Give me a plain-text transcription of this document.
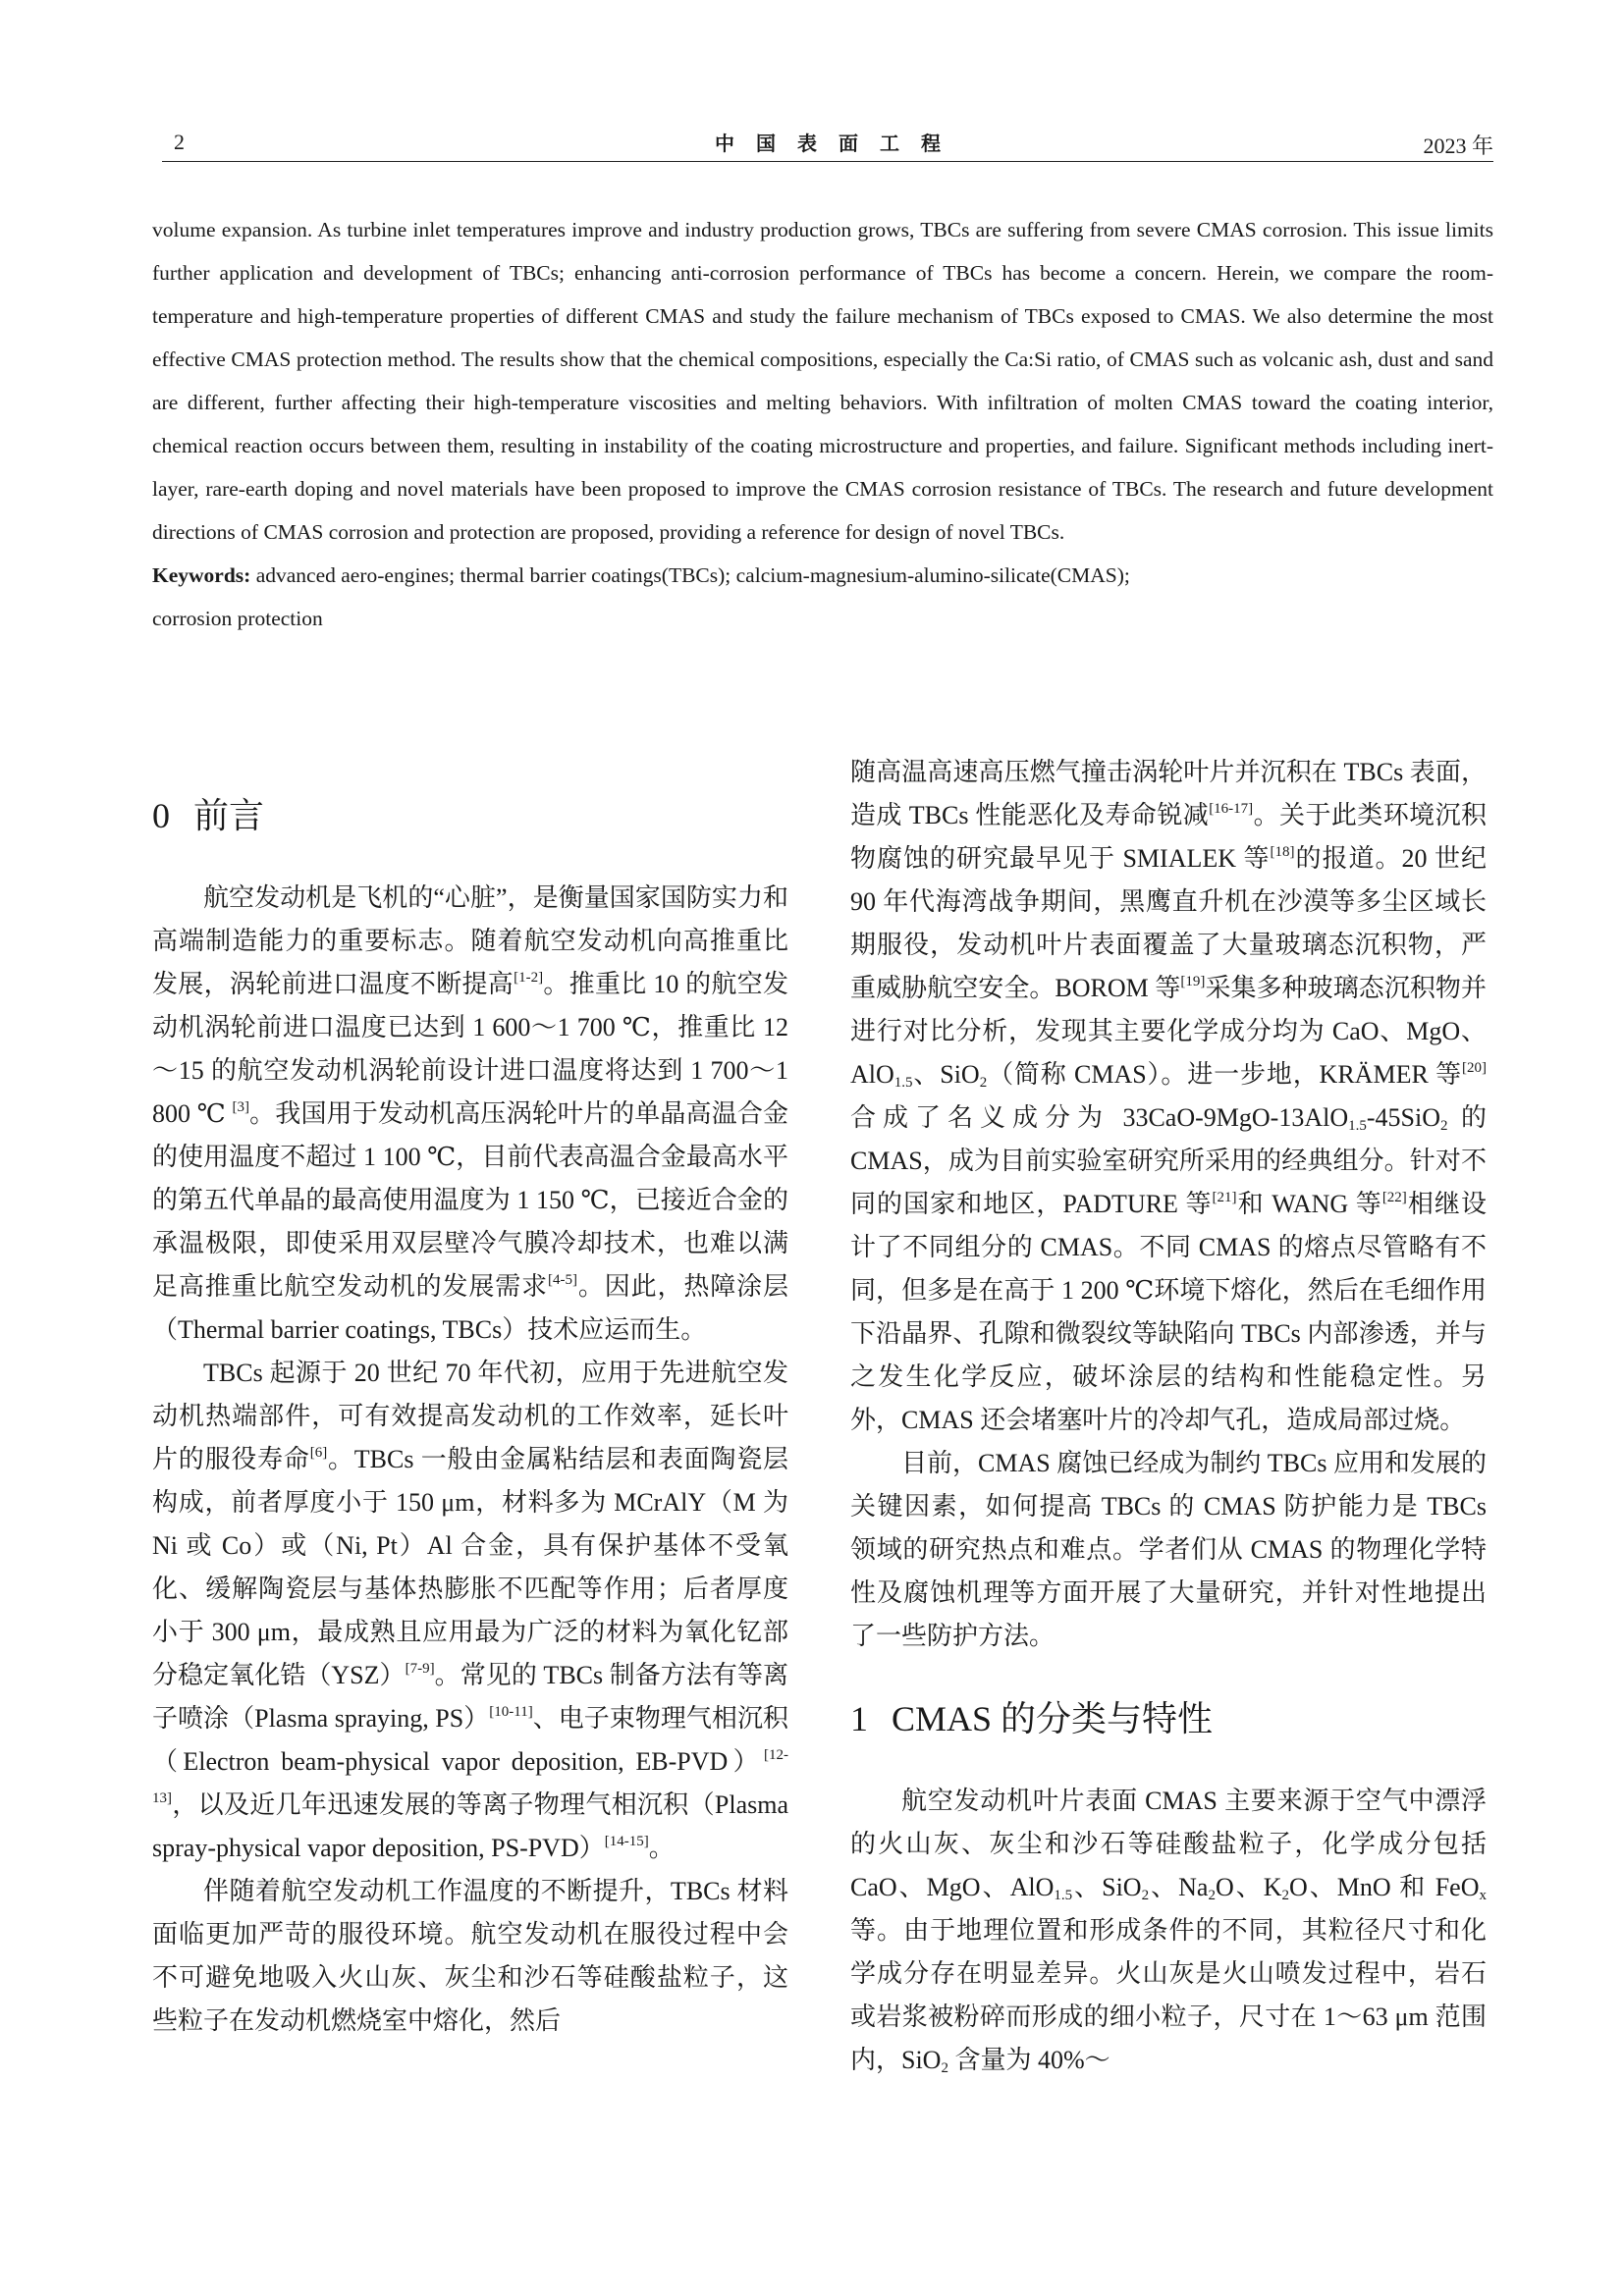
2	中国表面工程	2023 年

volume expansion. As turbine inlet temperatures improve and industry production grows, TBCs are suffering from severe CMAS corrosion. This issue limits further application and development of TBCs; enhancing anti-corrosion performance of TBCs has become a concern. Herein, we compare the room-temperature and high-temperature properties of different CMAS and study the failure mechanism of TBCs exposed to CMAS. We also determine the most effective CMAS protection method. The results show that the chemical compositions, especially the Ca:Si ratio, of CMAS such as volcanic ash, dust and sand are different, further affecting their high-temperature viscosities and melting behaviors. With infiltration of molten CMAS toward the coating interior, chemical reaction occurs between them, resulting in instability of the coating microstructure and properties, and failure. Significant methods including inert-layer, rare-earth doping and novel materials have been proposed to improve the CMAS corrosion resistance of TBCs. The research and future development directions of CMAS corrosion and protection are proposed, providing a reference for design of novel TBCs.

Keywords: advanced aero-engines; thermal barrier coatings(TBCs); calcium-magnesium-alumino-silicate(CMAS);
corrosion protection

0 前言

航空发动机是飞机的“心脏”，是衡量国家国防实力和高端制造能力的重要标志。随着航空发动机向高推重比发展，涡轮前进口温度不断提高[1-2]。推重比 10 的航空发动机涡轮前进口温度已达到 1 600～1 700 ℃，推重比 12～15 的航空发动机涡轮前设计进口温度将达到 1 700～1 800 ℃ [3]。我国用于发动机高压涡轮叶片的单晶高温合金的使用温度不超过 1 100 ℃，目前代表高温合金最高水平的第五代单晶的最高使用温度为 1 150 ℃，已接近合金的承温极限，即使采用双层壁冷气膜冷却技术，也难以满足高推重比航空发动机的发展需求[4-5]。因此，热障涂层（Thermal barrier coatings, TBCs）技术应运而生。

TBCs 起源于 20 世纪 70 年代初，应用于先进航空发动机热端部件，可有效提高发动机的工作效率，延长叶片的服役寿命[6]。TBCs 一般由金属粘结层和表面陶瓷层构成，前者厚度小于 150 μm，材料多为 MCrAlY（M 为 Ni 或 Co）或（Ni, Pt）Al 合金，具有保护基体不受氧化、缓解陶瓷层与基体热膨胀不匹配等作用；后者厚度小于 300 μm，最成熟且应用最为广泛的材料为氧化钇部分稳定氧化锆（YSZ）[7-9]。常见的 TBCs 制备方法有等离子喷涂（Plasma spraying, PS）[10-11]、电子束物理气相沉积（Electron beam-physical vapor deposition, EB-PVD）[12-13]，以及近几年迅速发展的等离子物理气相沉积（Plasma spray-physical vapor deposition, PS-PVD）[14-15]。

伴随着航空发动机工作温度的不断提升，TBCs 材料面临更加严苛的服役环境。航空发动机在服役过程中会不可避免地吸入火山灰、灰尘和沙石等硅酸盐粒子，这些粒子在发动机燃烧室中熔化，然后

随高温高速高压燃气撞击涡轮叶片并沉积在 TBCs 表面，造成 TBCs 性能恶化及寿命锐减[16-17]。关于此类环境沉积物腐蚀的研究最早见于 SMIALEK 等[18]的报道。20 世纪 90 年代海湾战争期间，黑鹰直升机在沙漠等多尘区域长期服役，发动机叶片表面覆盖了大量玻璃态沉积物，严重威胁航空安全。BOROM 等[19]采集多种玻璃态沉积物并进行对比分析，发现其主要化学成分均为 CaO、MgO、AlO$_{1.5}$、SiO$_2$（简称 CMAS）。进一步地，KRÄMER 等[20]合成了名义成分为 33CaO-9MgO-13AlO$_{1.5}$-45SiO$_2$ 的 CMAS，成为目前实验室研究所采用的经典组分。针对不同的国家和地区，PADTURE 等[21]和 WANG 等[22]相继设计了不同组分的 CMAS。不同 CMAS 的熔点尽管略有不同，但多是在高于 1 200 ℃环境下熔化，然后在毛细作用下沿晶界、孔隙和微裂纹等缺陷向 TBCs 内部渗透，并与之发生化学反应，破坏涂层的结构和性能稳定性。另外，CMAS 还会堵塞叶片的冷却气孔，造成局部过烧。

目前，CMAS 腐蚀已经成为制约 TBCs 应用和发展的关键因素，如何提高 TBCs 的 CMAS 防护能力是 TBCs 领域的研究热点和难点。学者们从 CMAS 的物理化学特性及腐蚀机理等方面开展了大量研究，并针对性地提出了一些防护方法。

1 CMAS 的分类与特性

航空发动机叶片表面 CMAS 主要来源于空气中漂浮的火山灰、灰尘和沙石等硅酸盐粒子，化学成分包括 CaO、MgO、AlO$_{1.5}$、SiO$_2$、$Na_2O$、$K_2O$、MnO 和 FeO$_x$ 等。由于地理位置和形成条件的不同，其粒径尺寸和化学成分存在明显差异。火山灰是火山喷发过程中，岩石或岩浆被粉碎而形成的细小粒子，尺寸在 1～63 μm 范围内，SiO$_2$ 含量为 40%～
